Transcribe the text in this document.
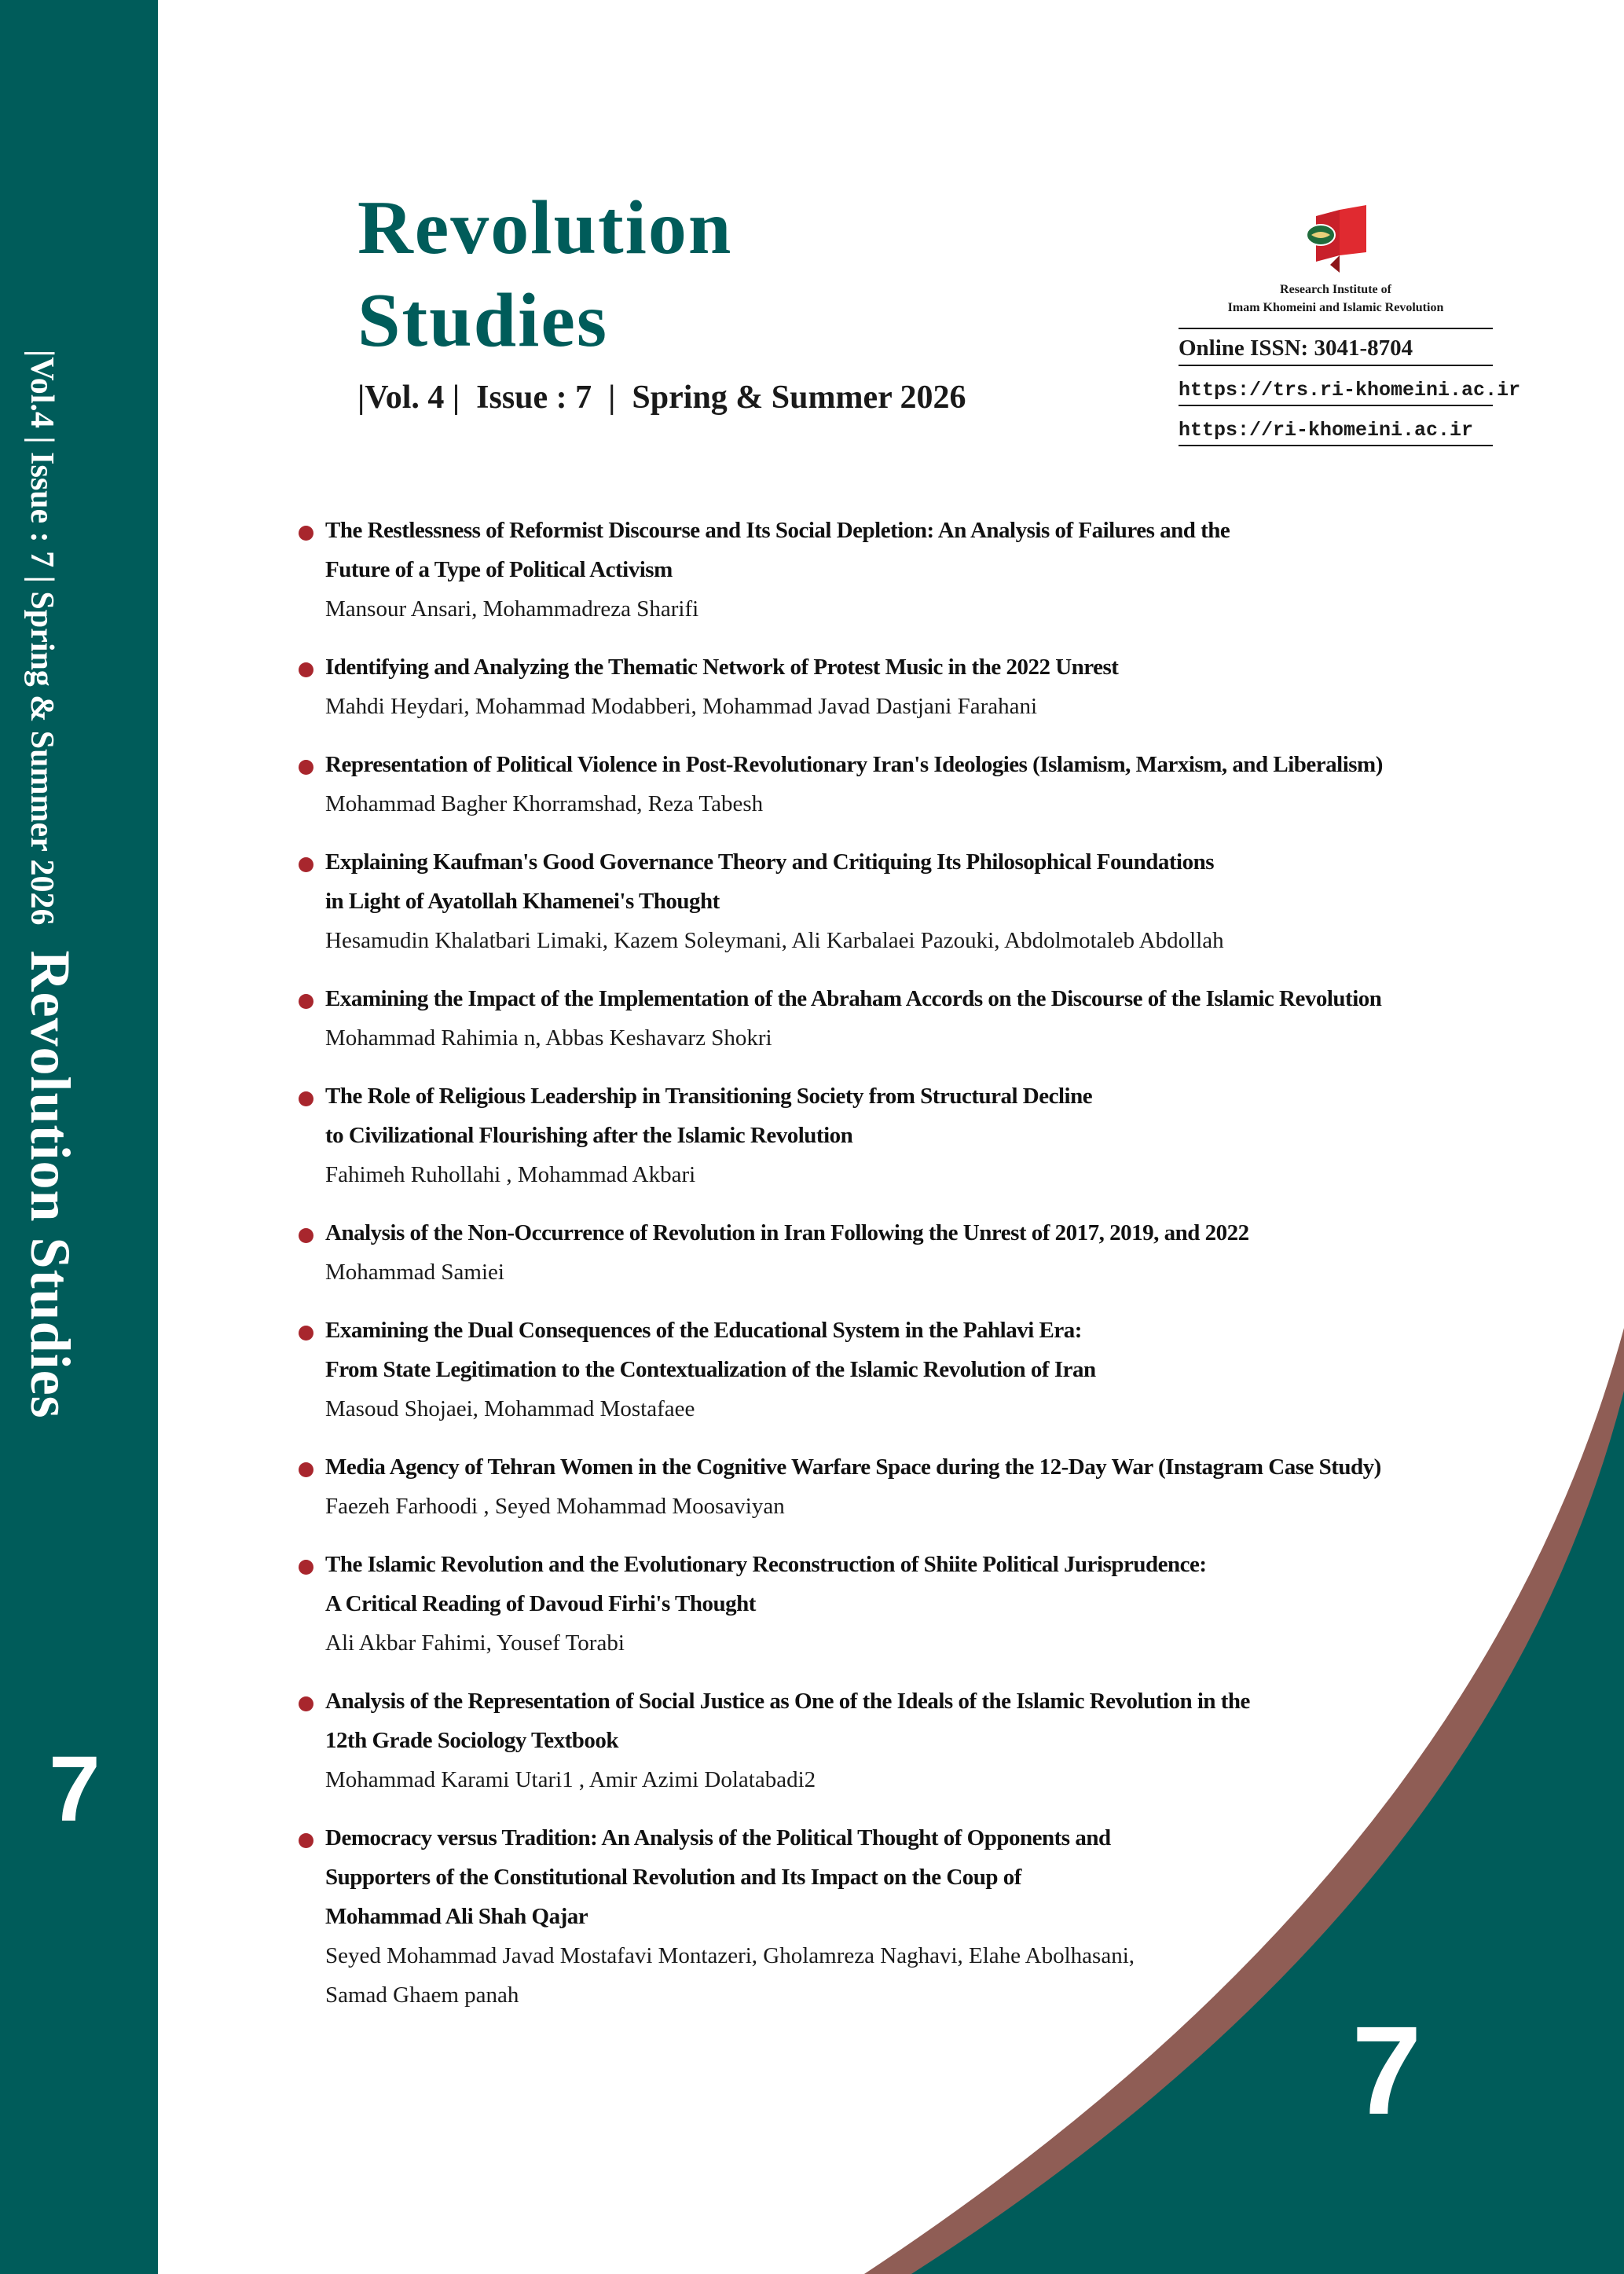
|Vol.4 | Issue : 7 | Spring & Summer 2026 Revolution Studies
7
Revolution
Studies
|Vol. 4 |  Issue : 7  |  Spring & Summer 2026
Research Institute of
Imam Khomeini and Islamic Revolution
Online ISSN: 3041-8704
https://trs.ri-khomeini.ac.ir
https://ri-khomeini.ac.ir
The Restlessness of Reformist Discourse and Its Social Depletion: An Analysis of Failures and the
Future of a Type of Political Activism
Mansour Ansari, Mohammadreza Sharifi
Identifying and Analyzing the Thematic Network of Protest Music in the 2022 Unrest
Mahdi Heydari, Mohammad Modabberi, Mohammad Javad Dastjani Farahani
Representation of Political Violence in Post-Revolutionary Iran's Ideologies (Islamism, Marxism, and Liberalism)
Mohammad Bagher Khorramshad, Reza Tabesh
Explaining Kaufman's Good Governance Theory and Critiquing Its Philosophical Foundations
in Light of Ayatollah Khamenei's Thought
Hesamudin Khalatbari Limaki, Kazem Soleymani, Ali Karbalaei Pazouki, Abdolmotaleb Abdollah
Examining the Impact of the Implementation of the Abraham Accords on the Discourse of the Islamic Revolution
Mohammad Rahimia n, Abbas Keshavarz Shokri
The Role of Religious Leadership in Transitioning Society from Structural Decline
to Civilizational Flourishing after the Islamic Revolution
Fahimeh Ruhollahi , Mohammad Akbari
Analysis of the Non-Occurrence of Revolution in Iran Following the Unrest of 2017, 2019, and 2022
Mohammad Samiei
Examining the Dual Consequences of the Educational System in the Pahlavi Era:
From State Legitimation to the Contextualization of the Islamic Revolution of Iran
Masoud Shojaei, Mohammad Mostafaee
Media Agency of Tehran Women in the Cognitive Warfare Space during the 12-Day War (Instagram Case Study)
Faezeh Farhoodi , Seyed Mohammad Moosaviyan
The Islamic Revolution and the Evolutionary Reconstruction of Shiite Political Jurisprudence:
A Critical Reading of Davoud Firhi's Thought
Ali Akbar Fahimi, Yousef Torabi
Analysis of the Representation of Social Justice as One of the Ideals of the Islamic Revolution in the
12th Grade Sociology Textbook
Mohammad Karami Utari1 , Amir Azimi Dolatabadi2
Democracy versus Tradition: An Analysis of the Political Thought of Opponents and
Supporters of the Constitutional Revolution and Its Impact on the Coup of
Mohammad Ali Shah Qajar
Seyed Mohammad Javad Mostafavi Montazeri, Gholamreza Naghavi, Elahe Abolhasani,
Samad Ghaem panah
7
